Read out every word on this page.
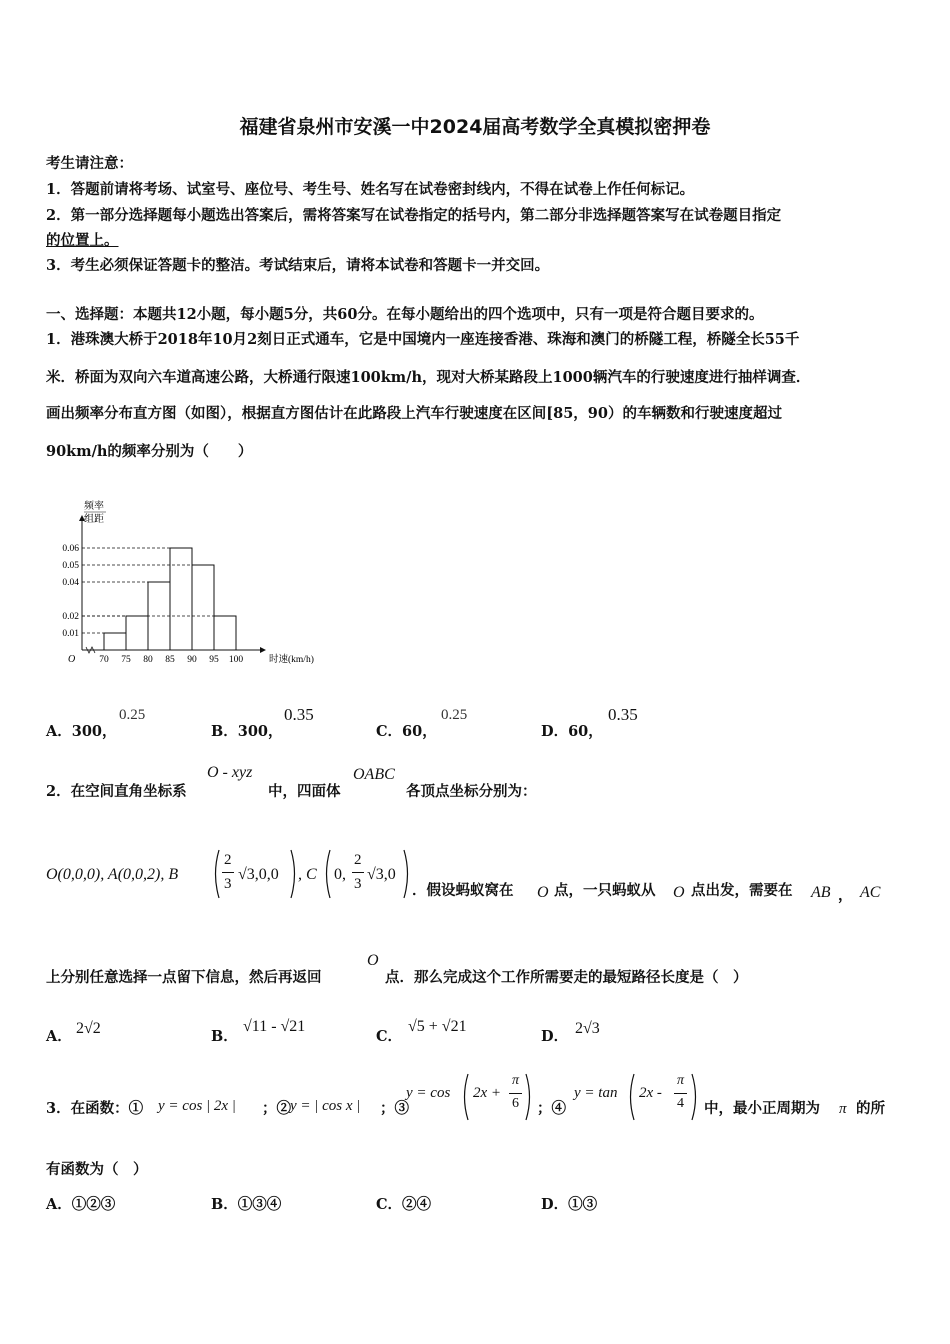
福建省泉州市安溪一中2024届高考数学全真模拟密押卷
考生请注意：
1．答题前请将考场、试室号、座位号、考生号、姓名写在试卷密封线内，不得在试卷上作任何标记。
2．第一部分选择题每小题选出答案后，需将答案写在试卷指定的括号内，第二部分非选择题答案写在试卷题目指定
的位置上。
3．考生必须保证答题卡的整洁。考试结束后，请将本试卷和答题卡一并交回。
一、选择题：本题共12小题，每小题5分，共60分。在每小题给出的四个选项中，只有一项是符合题目要求的。
1．港珠澳大桥于2018年10月2刻日正式通车，它是中国境内一座连接香港、珠海和澳门的桥隧工程，桥隧全长55千
米．桥面为双向六车道高速公路，大桥通行限速100km/h，现对大桥某路段上1000辆汽车的行驶速度进行抽样调查．
画出频率分布直方图（如图），根据直方图估计在此路段上汽车行驶速度在区间[85，90）的车辆数和行驶速度超过
90km/h的频率分别为（　　）
频率
组距
O
0.06
0.05
0.04
0.02
0.01
70 75 80 85 90 95 100	时速(km/h)
A．300，
0.25
B．300，
0.35
C．60，
0.25
D．60，
0.35
2．在空间直角坐标系
O - xyz
中，四面体
OABC
各顶点坐标分别为：
O(0,0,0), A(0,0,2), B
2
3
√3,0,0 , C 0,
2
3
√3,0
．假设蚂蚁窝在 O 点，一只蚂蚁从 O 点出发，需要在 AB ， AC
上分别任意选择一点留下信息，然后再返回
O
点．那么完成这个工作所需要走的最短路径长度是（　）
A． 2√2	B．
√11 - √21
C．
√5 + √21
D． 2√3
3．在函数：① y = cos | 2x | ；② y = | cos x | ；③
y = cos 2x +
π
6 ；④
y = tan 2x -
π
4 中，最小正周期为 π 的所
有函数为（　）
A．①②③	B．①③④	C．②④	D．①③
